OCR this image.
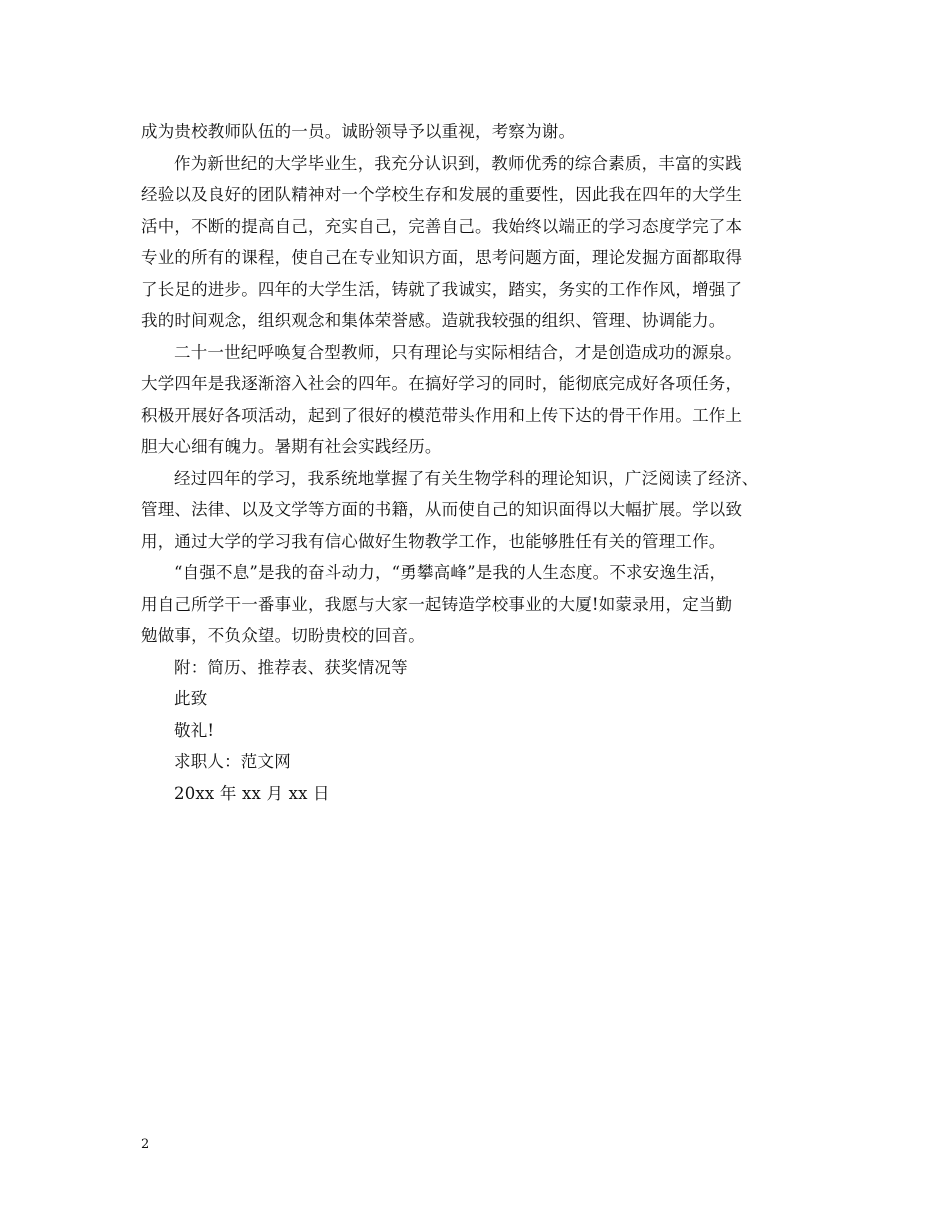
成为贵校教师队伍的一员。诚盼领导予以重视，考察为谢。
作为新世纪的大学毕业生，我充分认识到，教师优秀的综合素质，丰富的实践
经验以及良好的团队精神对一个学校生存和发展的重要性，因此我在四年的大学生
活中，不断的提高自己，充实自己，完善自己。我始终以端正的学习态度学完了本
专业的所有的课程，使自己在专业知识方面，思考问题方面，理论发掘方面都取得
了长足的进步。四年的大学生活，铸就了我诚实，踏实，务实的工作作风，增强了
我的时间观念，组织观念和集体荣誉感。造就我较强的组织、管理、协调能力。
二十一世纪呼唤复合型教师，只有理论与实际相结合，才是创造成功的源泉。
大学四年是我逐渐溶入社会的四年。在搞好学习的同时，能彻底完成好各项任务，
积极开展好各项活动，起到了很好的模范带头作用和上传下达的骨干作用。工作上
胆大心细有魄力。暑期有社会实践经历。
经过四年的学习，我系统地掌握了有关生物学科的理论知识，广泛阅读了经济、
管理、法律、以及文学等方面的书籍，从而使自己的知识面得以大幅扩展。学以致
用，通过大学的学习我有信心做好生物教学工作，也能够胜任有关的管理工作。
“自强不息”是我的奋斗动力，“勇攀高峰”是我的人生态度。不求安逸生活，
用自己所学干一番事业，我愿与大家一起铸造学校事业的大厦!如蒙录用，定当勤
勉做事，不负众望。切盼贵校的回音。
附：简历、推荐表、获奖情况等
此致
敬礼!
求职人：范文网
20xx 年 xx 月 xx 日
2
